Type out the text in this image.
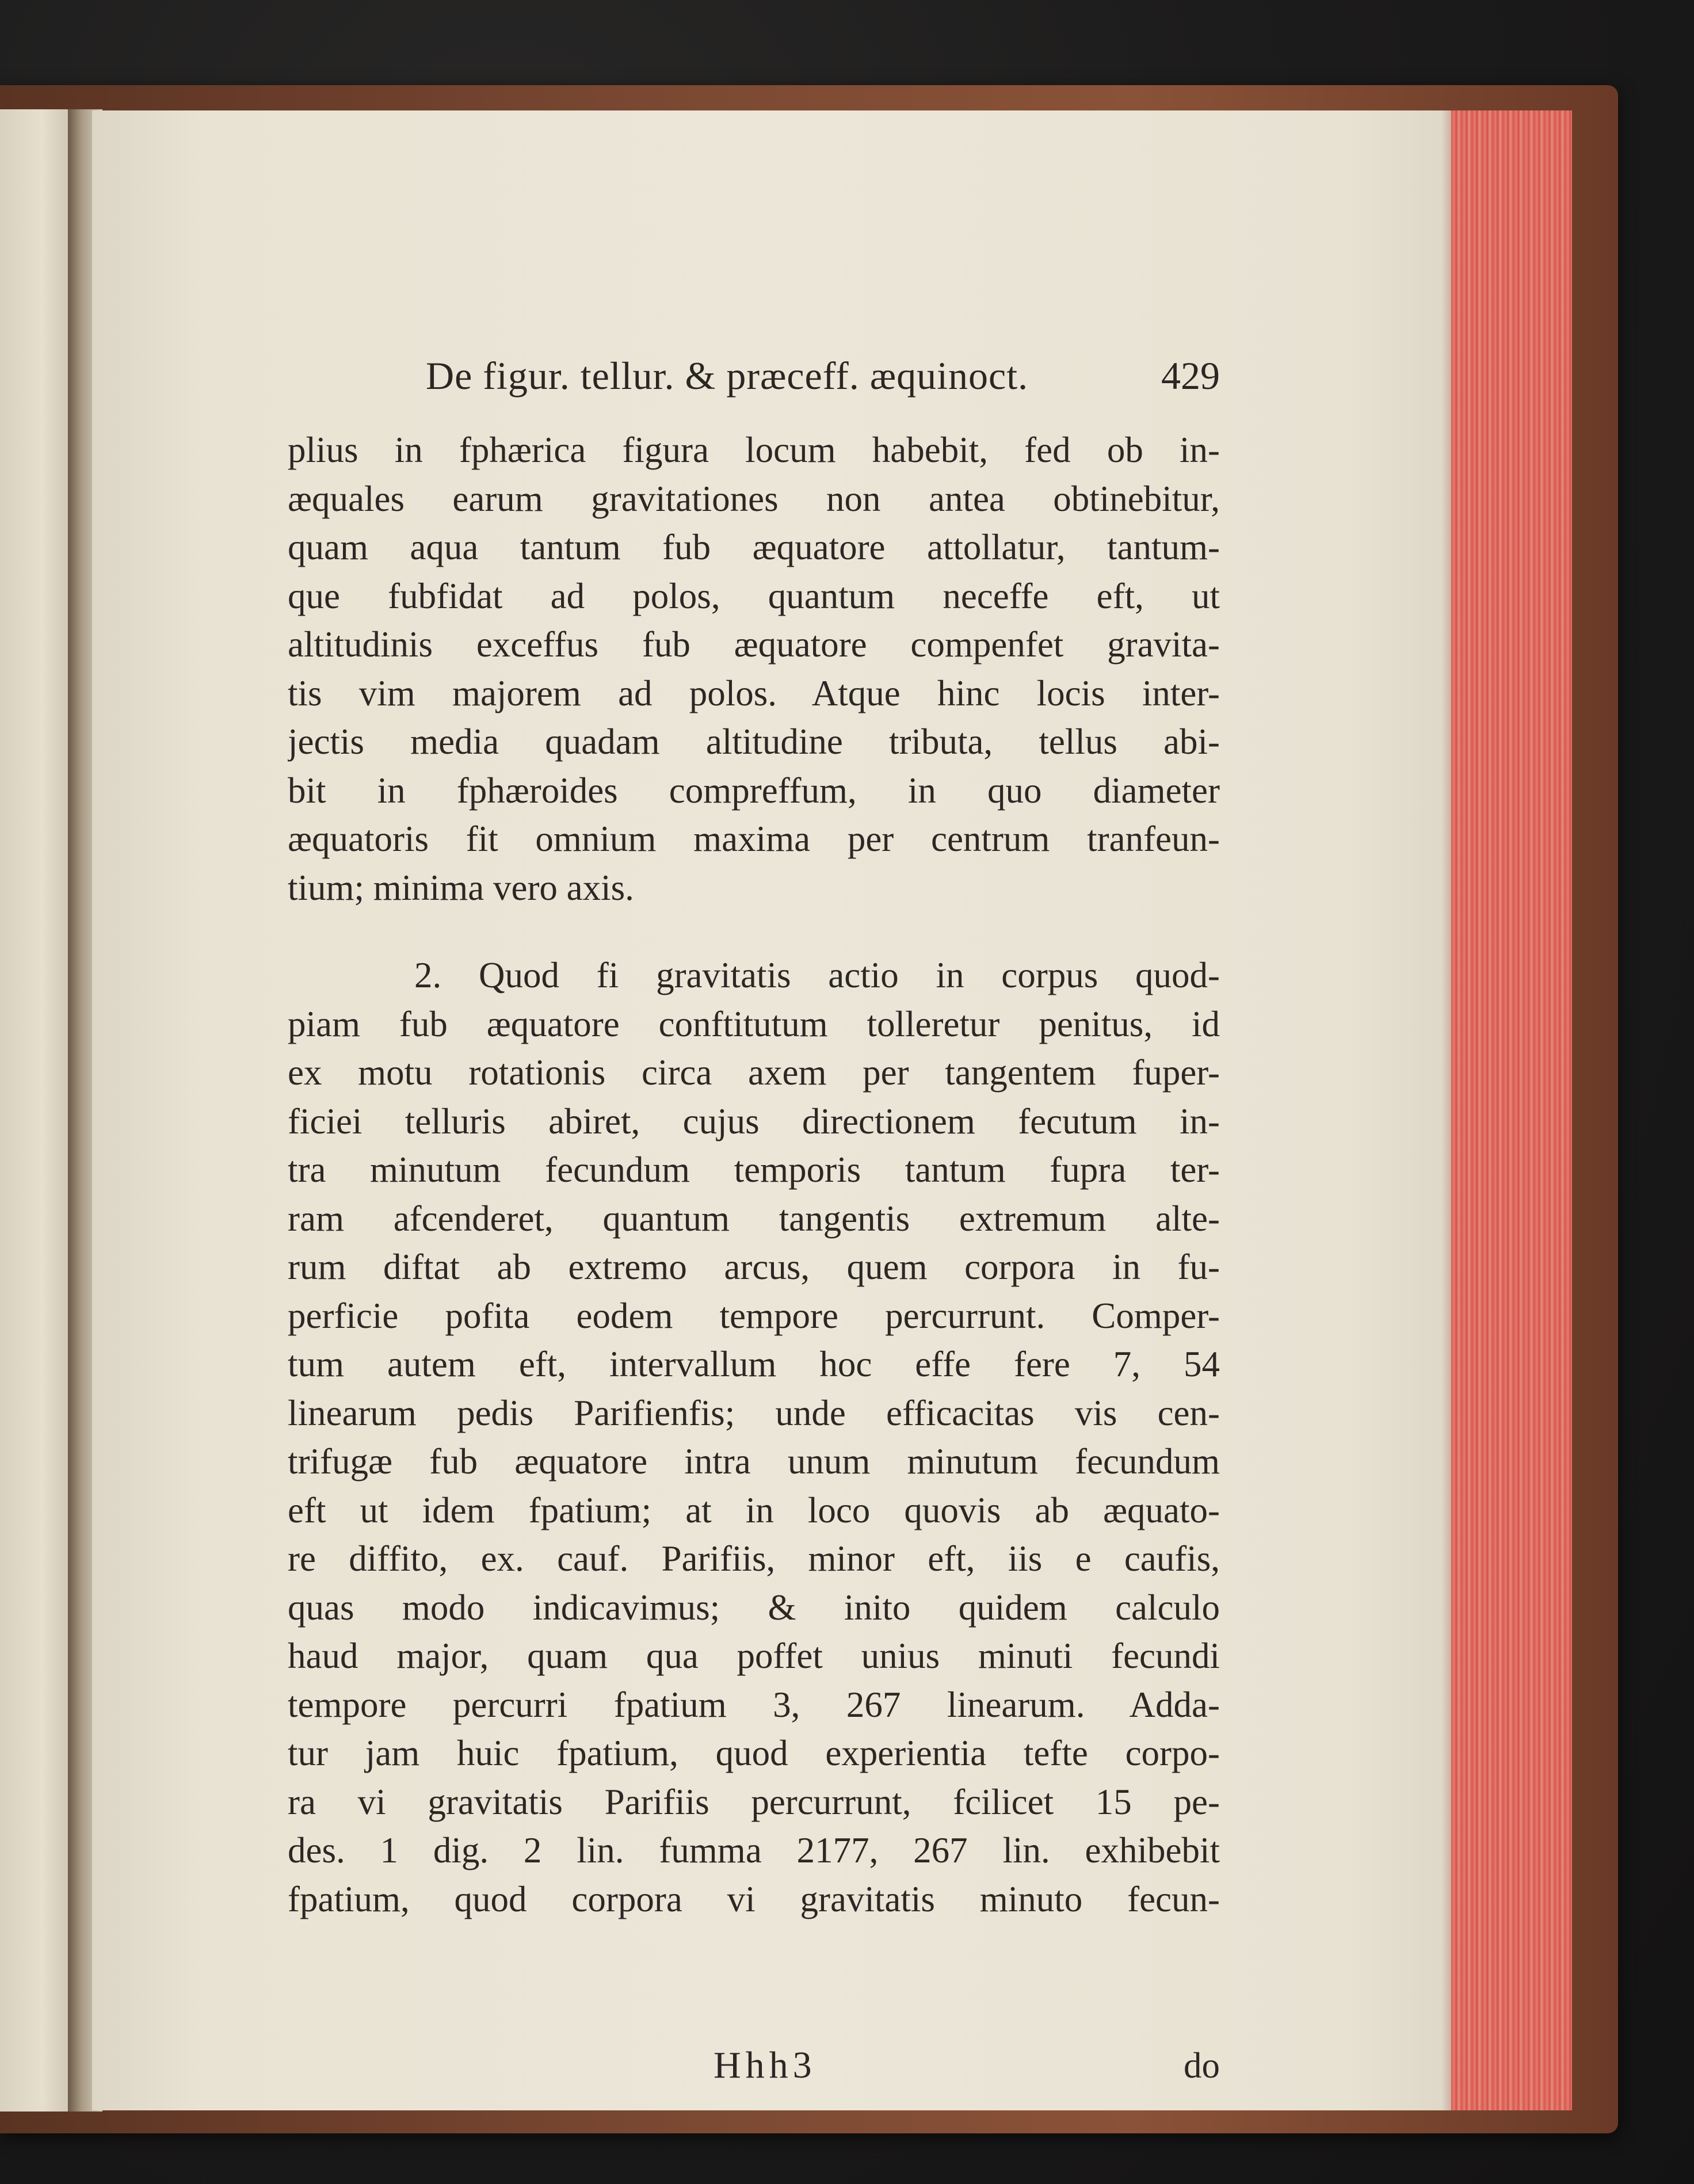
De figur. tellur. & præceff. æquinoct.	429
plius in fphærica figura locum habebit, fed ob in-
æquales earum gravitationes non antea obtinebitur,
quam aqua tantum fub æquatore attollatur, tantum-
que fubfidat ad polos, quantum neceffe eft, ut
altitudinis exceffus fub æquatore compenfet gravita-
tis vim majorem ad polos. Atque hinc locis inter-
jectis media quadam altitudine tributa, tellus abi-
bit in fphæroides compreffum, in quo diameter
æquatoris fit omnium maxima per centrum tranfeun-
tium; minima vero axis.
2. Quod fi gravitatis actio in corpus quod-
piam fub æquatore conftitutum tolleretur penitus, id
ex motu rotationis circa axem per tangentem fuper-
ficiei telluris abiret, cujus directionem fecutum in-
tra minutum fecundum temporis tantum fupra ter-
ram afcenderet, quantum tangentis extremum alte-
rum diftat ab extremo arcus, quem corpora in fu-
perficie pofita eodem tempore percurrunt. Comper-
tum autem eft, intervallum hoc effe fere 7, 54
linearum pedis Parifienfis; unde efficacitas vis cen-
trifugæ fub æquatore intra unum minutum fecundum
eft ut idem fpatium; at in loco quovis ab æquato-
re diffito, ex. cauf. Parifiis, minor eft, iis e caufis,
quas modo indicavimus; & inito quidem calculo
haud major, quam qua poffet unius minuti fecundi
tempore percurri fpatium 3, 267 linearum. Adda-
tur jam huic fpatium, quod experientia tefte corpo-
ra vi gravitatis Parifiis percurrunt, fcilicet 15 pe-
des. 1 dig. 2 lin. fumma 2177, 267 lin. exhibebit
fpatium, quod corpora vi gravitatis minuto fecun-
Hhh3	do
